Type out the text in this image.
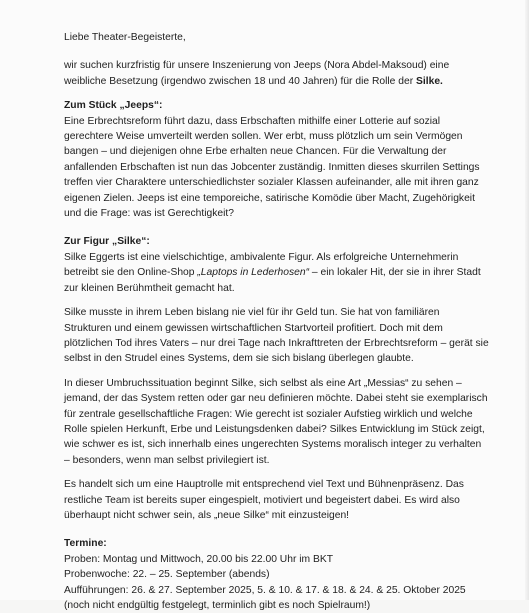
Liebe Theater-Begeisterte,

wir suchen kurzfristig für unsere Inszenierung von Jeeps (Nora Abdel-Maksoud) eine weibliche Besetzung (irgendwo zwischen 18 und 40 Jahren) für die Rolle der Silke.

Zum Stück „Jeeps“:

Eine Erbrechtsreform führt dazu, dass Erbschaften mithilfe einer Lotterie auf sozial gerechtere Weise umverteilt werden sollen. Wer erbt, muss plötzlich um sein Vermögen bangen – und diejenigen ohne Erbe erhalten neue Chancen. Für die Verwaltung der anfallenden Erbschaften ist nun das Jobcenter zuständig. Inmitten dieses skurrilen Settings treffen vier Charaktere unterschiedlichster sozialer Klassen aufeinander, alle mit ihren ganz eigenen Zielen. Jeeps ist eine temporeiche, satirische Komödie über Macht, Zugehörigkeit und die Frage: was ist Gerechtigkeit?

Zur Figur „Silke“:

Silke Eggerts ist eine vielschichtige, ambivalente Figur. Als erfolgreiche Unternehmerin betreibt sie den Online-Shop „Laptops in Lederhosen“ – ein lokaler Hit, der sie in ihrer Stadt zur kleinen Berühmtheit gemacht hat.

Silke musste in ihrem Leben bislang nie viel für ihr Geld tun. Sie hat von familiären Strukturen und einem gewissen wirtschaftlichen Startvorteil profitiert. Doch mit dem plötzlichen Tod ihres Vaters – nur drei Tage nach Inkrafttreten der Erbrechtsreform – gerät sie selbst in den Strudel eines Systems, dem sie sich bislang überlegen glaubte.

In dieser Umbruchssituation beginnt Silke, sich selbst als eine Art „Messias“ zu sehen – jemand, der das System retten oder gar neu definieren möchte. Dabei steht sie exemplarisch für zentrale gesellschaftliche Fragen: Wie gerecht ist sozialer Aufstieg wirklich und welche Rolle spielen Herkunft, Erbe und Leistungsdenken dabei? Silkes Entwicklung im Stück zeigt, wie schwer es ist, sich innerhalb eines ungerechten Systems moralisch integer zu verhalten – besonders, wenn man selbst privilegiert ist.

Es handelt sich um eine Hauptrolle mit entsprechend viel Text und Bühnenpräsenz. Das restliche Team ist bereits super eingespielt, motiviert und begeistert dabei. Es wird also überhaupt nicht schwer sein, als „neue Silke“ mit einzusteigen!

Termine:

Proben: Montag und Mittwoch, 20.00 bis 22.00 Uhr im BKT
Probenwoche: 22. – 25. September (abends)
Aufführungen: 26. & 27. September 2025, 5. & 10. & 17. & 18. & 24. & 25. Oktober 2025
(noch nicht endgültig festgelegt, terminlich gibt es noch Spielraum!)
